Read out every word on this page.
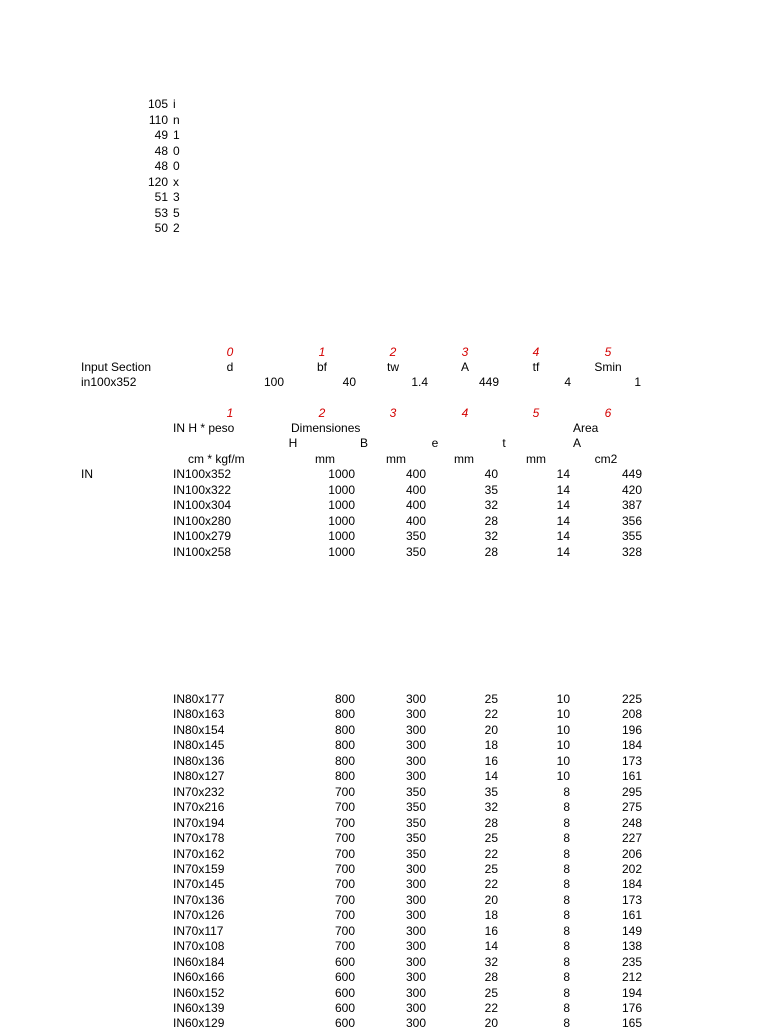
105 i
110 n
49 1
48 0
48 0
120 x
51 3
53 5
50 2
0	1	2	3	4	5
Input Section	d	bf	tw	A	tf	Smin
in100x352	100	40	1.4	449	4	1
1	2	3	4	5	6
IN H * peso	Dimensiones	Area
H	B	e	t	A
cm * kgf/m	mm	mm	mm	mm	cm2
IN	IN100x352	1000	400	40	14	449
IN100x322	1000	400	35	14	420
IN100x304	1000	400	32	14	387
IN100x280	1000	400	28	14	356
IN100x279	1000	350	32	14	355
IN100x258	1000	350	28	14	328
IN80x177	800	300	25	10	225
IN80x163	800	300	22	10	208
IN80x154	800	300	20	10	196
IN80x145	800	300	18	10	184
IN80x136	800	300	16	10	173
IN80x127	800	300	14	10	161
IN70x232	700	350	35	8	295
IN70x216	700	350	32	8	275
IN70x194	700	350	28	8	248
IN70x178	700	350	25	8	227
IN70x162	700	350	22	8	206
IN70x159	700	300	25	8	202
IN70x145	700	300	22	8	184
IN70x136	700	300	20	8	173
IN70x126	700	300	18	8	161
IN70x117	700	300	16	8	149
IN70x108	700	300	14	8	138
IN60x184	600	300	32	8	235
IN60x166	600	300	28	8	212
IN60x152	600	300	25	8	194
IN60x139	600	300	22	8	176
IN60x129	600	300	20	8	165
